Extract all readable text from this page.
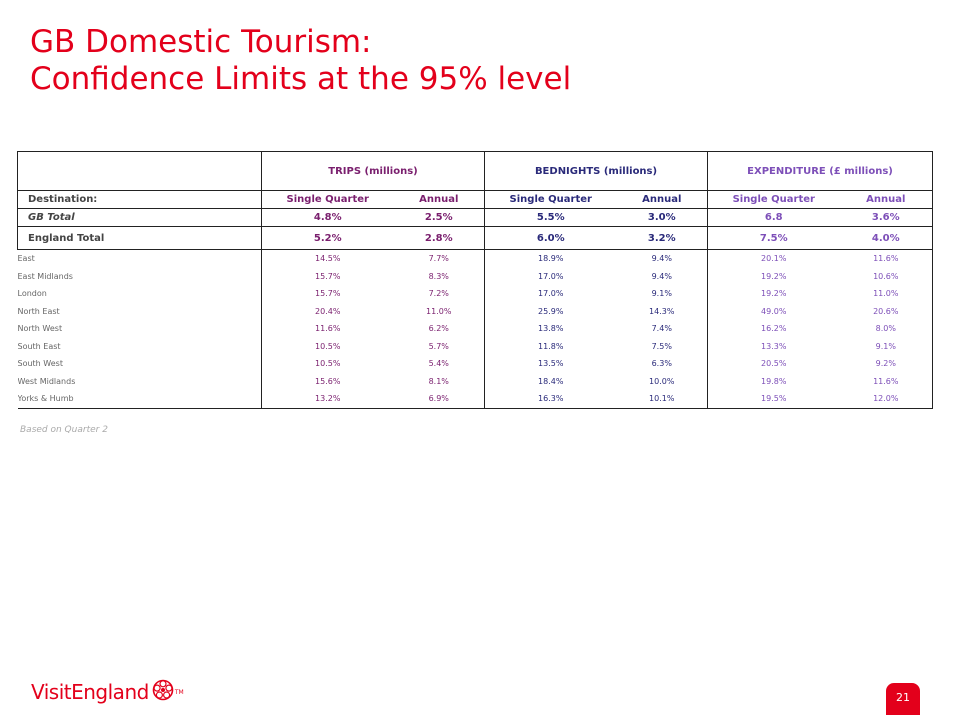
GB Domestic Tourism:
Confidence Limits at the 95% level
	TRIPS (millions)		BEDNIGHTS (millions)		EXPENDITURE (£ millions)	
Destination:	Single Quarter	Annual	Single Quarter	Annual	Single Quarter	Annual
GB Total	4.8%	2.5%	5.5%	3.0%	6.8	3.6%
England Total	5.2%	2.8%	6.0%	3.2%	7.5%	4.0%
East	14.5%	7.7%	18.9%	9.4%	20.1%	11.6%
East Midlands	15.7%	8.3%	17.0%	9.4%	19.2%	10.6%
London	15.7%	7.2%	17.0%	9.1%	19.2%	11.0%
North East	20.4%	11.0%	25.9%	14.3%	49.0%	20.6%
North West	11.6%	6.2%	13.8%	7.4%	16.2%	8.0%
South East	10.5%	5.7%	11.8%	7.5%	13.3%	9.1%
South West	10.5%	5.4%	13.5%	6.3%	20.5%	9.2%
West Midlands	15.6%	8.1%	18.4%	10.0%	19.8%	11.6%
Yorks & Humb	13.2%	6.9%	16.3%	10.1%	19.5%	12.0%
Based on Quarter 2
VisitEngland	TM	21
